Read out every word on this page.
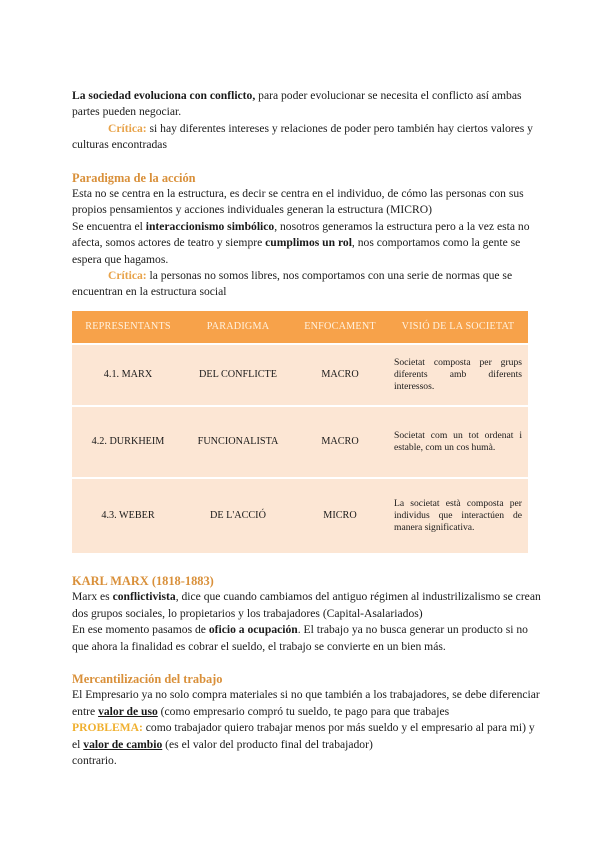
La sociedad evoluciona con conflicto, para poder evolucionar se necesita el conflicto así ambas partes pueden negociar.

Crítica: si hay diferentes intereses y relaciones de poder pero también hay ciertos valores y culturas encontradas

Paradigma de la acción

Esta no se centra en la estructura, es decir se centra en el individuo, de cómo las personas con sus propios pensamientos y acciones individuales generan la estructura (MICRO)

Se encuentra el interaccionismo simbólico, nosotros generamos la estructura pero a la vez esta no afecta, somos actores de teatro y siempre cumplimos un rol, nos comportamos como la gente se espera que hagamos.

Crítica: la personas no somos libres, nos comportamos con una serie de normas que se encuentran en la estructura social

REPRESENTANTS	PARADIGMA	ENFOCAMENT	VISIÓ DE LA SOCIETAT
4.1. MARX	DEL CONFLICTE	MACRO	Societat composta per grups diferents amb diferents interessos.
4.2. DURKHEIM	FUNCIONALISTA	MACRO	Societat com un tot ordenat i estable, com un cos humà.
4.3. WEBER	DE L'ACCIÓ	MICRO	La societat està composta per individus que interactúen de manera significativa.

KARL MARX (1818-1883)

Marx es conflictivista, dice que cuando cambiamos del antiguo régimen al industrilizalismo se crean dos grupos sociales, lo propietarios y los trabajadores (Capital-Asalariados)

En ese momento pasamos de oficio a ocupación. El trabajo ya no busca generar un producto si no que ahora la finalidad es cobrar el sueldo, el trabajo se convierte en un bien más.

Mercantilización del trabajo

El Empresario ya no solo compra materiales si no que también a los trabajadores, se debe diferenciar entre valor de uso (como empresario compró tu sueldo, te pago para que trabajes

PROBLEMA: como trabajador quiero trabajar menos por más sueldo y el empresario al para mi) y el valor de cambio (es el valor del producto final del trabajador)

contrario.
